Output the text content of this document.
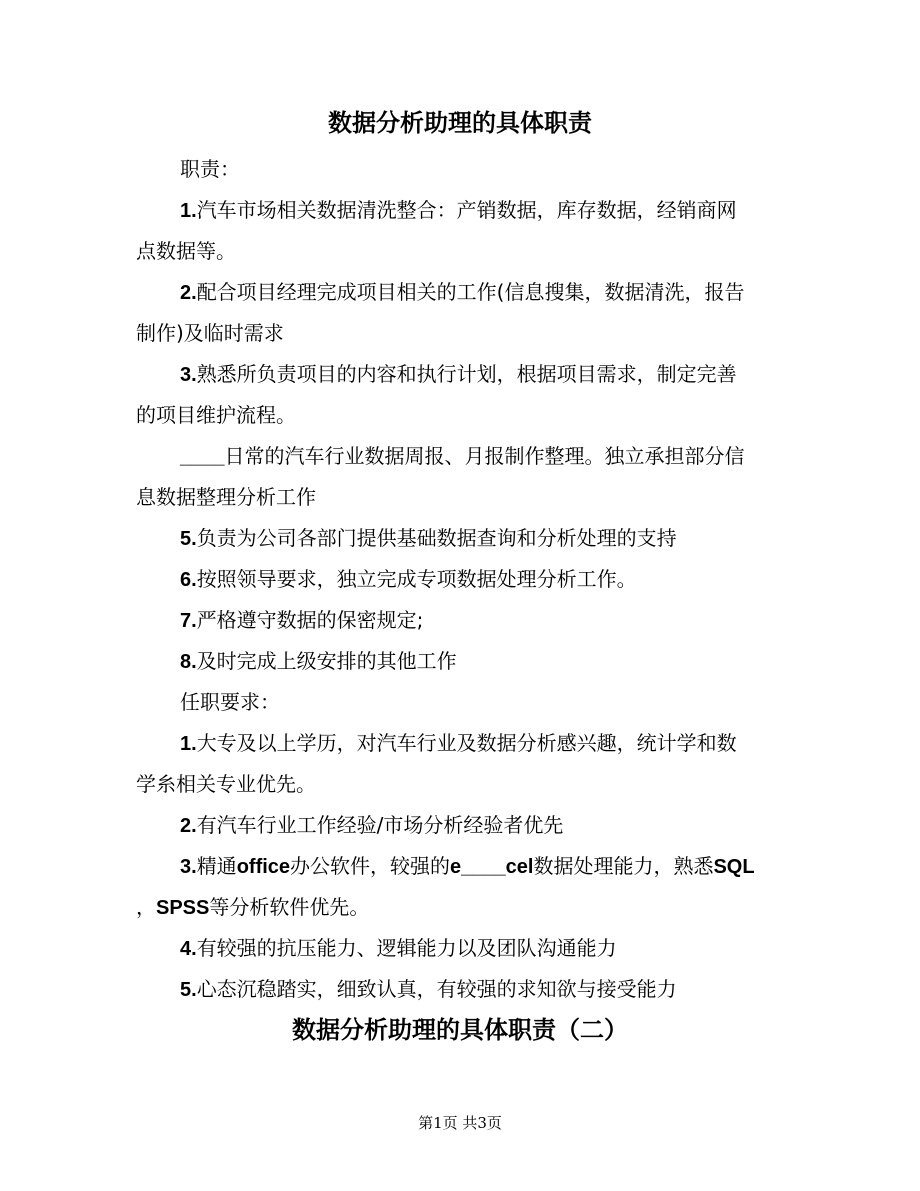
数据分析助理的具体职责
职责：
1.汽车市场相关数据清洗整合：产销数据，库存数据，经销商网
点数据等。
2.配合项目经理完成项目相关的工作(信息搜集，数据清洗，报告
制作)及临时需求
3.熟悉所负责项目的内容和执行计划，根据项目需求，制定完善
的项目维护流程。
____日常的汽车行业数据周报、月报制作整理。独立承担部分信
息数据整理分析工作
5.负责为公司各部门提供基础数据查询和分析处理的支持
6.按照领导要求，独立完成专项数据处理分析工作。
7.严格遵守数据的保密规定;
8.及时完成上级安排的其他工作
任职要求：
1.大专及以上学历，对汽车行业及数据分析感兴趣，统计学和数
学糸相关专业优先。
2.有汽车行业工作经验/市场分析经验者优先
3.精通office办公软件，较强的e____cel数据处理能力，熟悉SQL
，SPSS等分析软件优先。
4.有较强的抗压能力、逻辑能力以及团队沟通能力
5.心态沉稳踏实，细致认真，有较强的求知欲与接受能力
数据分析助理的具体职责（二）
第1页 共3页
